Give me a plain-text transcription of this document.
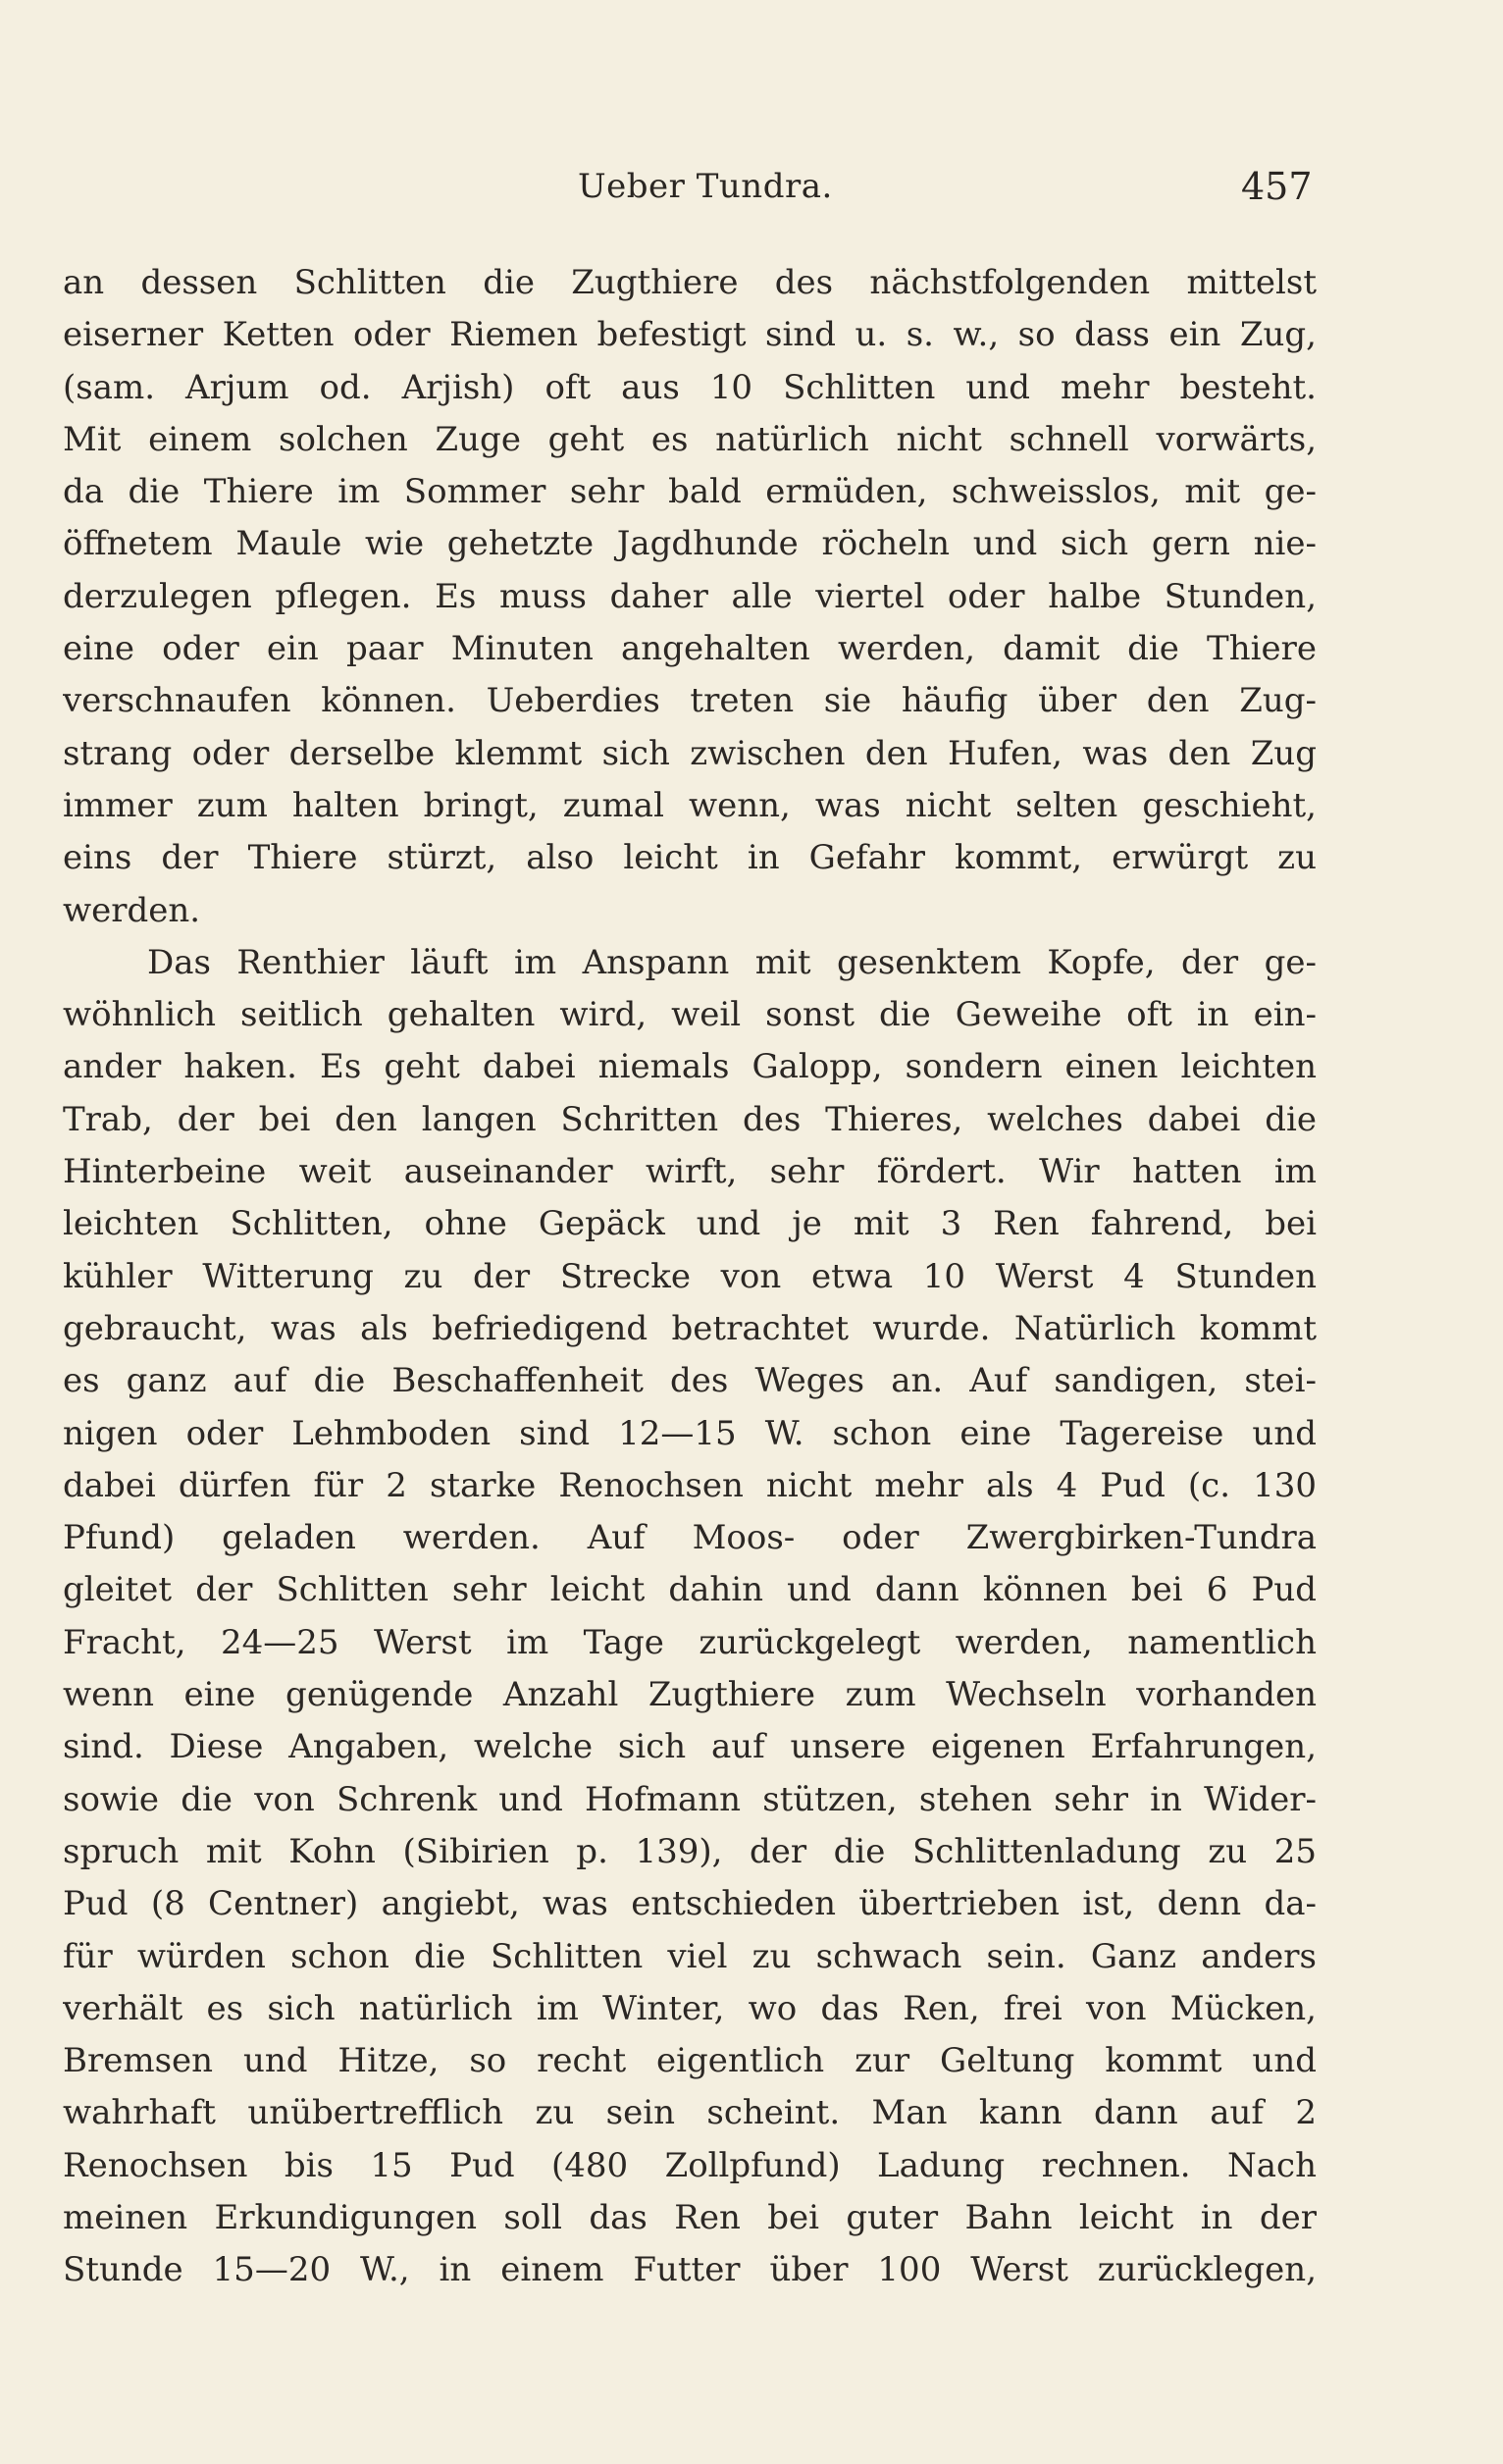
Ueber Tundra.	457
an dessen Schlitten die Zugthiere des nächstfolgenden mittelst
eiserner Ketten oder Riemen befestigt sind u. s. w., so dass ein Zug,
(sam. Arjum od. Arjish) oft aus 10 Schlitten und mehr besteht.
Mit einem solchen Zuge geht es natürlich nicht schnell vorwärts,
da die Thiere im Sommer sehr bald ermüden, schweisslos, mit ge-
öffnetem Maule wie gehetzte Jagdhunde röcheln und sich gern nie-
derzulegen pflegen. Es muss daher alle viertel oder halbe Stunden,
eine oder ein paar Minuten angehalten werden, damit die Thiere
verschnaufen können. Ueberdies treten sie häufig über den Zug-
strang oder derselbe klemmt sich zwischen den Hufen, was den Zug
immer zum halten bringt, zumal wenn, was nicht selten geschieht,
eins der Thiere stürzt, also leicht in Gefahr kommt, erwürgt zu
werden.
Das Renthier läuft im Anspann mit gesenktem Kopfe, der ge-
wöhnlich seitlich gehalten wird, weil sonst die Geweihe oft in ein-
ander haken. Es geht dabei niemals Galopp, sondern einen leichten
Trab, der bei den langen Schritten des Thieres, welches dabei die
Hinterbeine weit auseinander wirft, sehr fördert. Wir hatten im
leichten Schlitten, ohne Gepäck und je mit 3 Ren fahrend, bei
kühler Witterung zu der Strecke von etwa 10 Werst 4 Stunden
gebraucht, was als befriedigend betrachtet wurde. Natürlich kommt
es ganz auf die Beschaffenheit des Weges an. Auf sandigen, stei-
nigen oder Lehmboden sind 12—15 W. schon eine Tagereise und
dabei dürfen für 2 starke Renochsen nicht mehr als 4 Pud (c. 130
Pfund) geladen werden. Auf Moos- oder Zwergbirken-Tundra
gleitet der Schlitten sehr leicht dahin und dann können bei 6 Pud
Fracht, 24—25 Werst im Tage zurückgelegt werden, namentlich
wenn eine genügende Anzahl Zugthiere zum Wechseln vorhanden
sind. Diese Angaben, welche sich auf unsere eigenen Erfahrungen,
sowie die von Schrenk und Hofmann stützen, stehen sehr in Wider-
spruch mit Kohn (Sibirien p. 139), der die Schlittenladung zu 25
Pud (8 Centner) angiebt, was entschieden übertrieben ist, denn da-
für würden schon die Schlitten viel zu schwach sein. Ganz anders
verhält es sich natürlich im Winter, wo das Ren, frei von Mücken,
Bremsen und Hitze, so recht eigentlich zur Geltung kommt und
wahrhaft unübertrefflich zu sein scheint. Man kann dann auf 2
Renochsen bis 15 Pud (480 Zollpfund) Ladung rechnen. Nach
meinen Erkundigungen soll das Ren bei guter Bahn leicht in der
Stunde 15—20 W., in einem Futter über 100 Werst zurücklegen,
